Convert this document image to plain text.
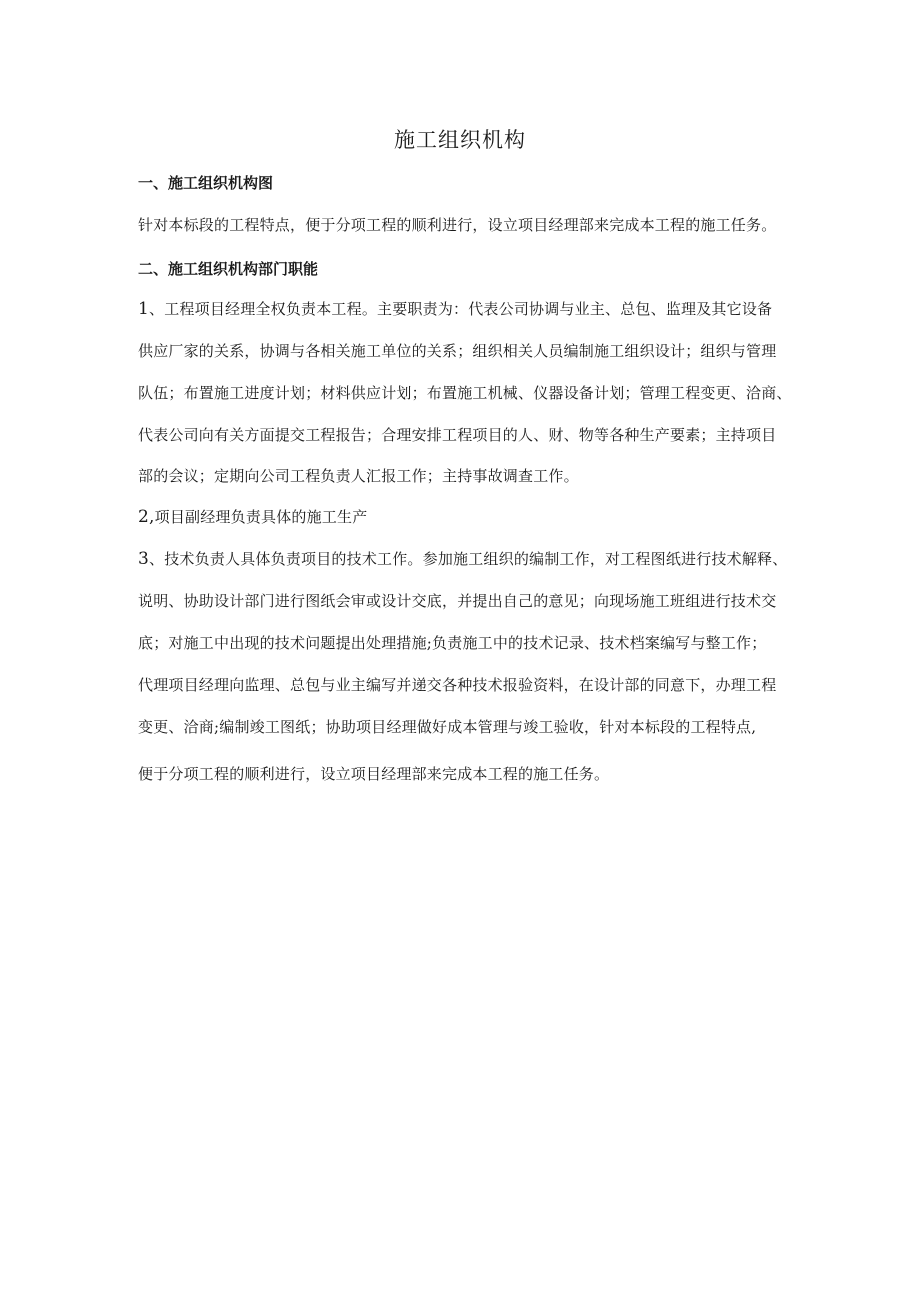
施工组织机构
一、施工组织机构图
针对本标段的工程特点，便于分项工程的顺利进行，设立项目经理部来完成本工程的施工任务。
二、施工组织机构部门职能
1、工程项目经理全权负责本工程。主要职责为：代表公司协调与业主、总包、监理及其它设备
供应厂家的关系，协调与各相关施工单位的关系；组织相关人员编制施工组织设计；组织与管理
队伍；布置施工进度计划；材料供应计划；布置施工机械、仪器设备计划；管理工程变更、洽商、
代表公司向有关方面提交工程报告；合理安排工程项目的人、财、物等各种生产要素；主持项目
部的会议；定期向公司工程负责人汇报工作；主持事故调查工作。
2,项目副经理负责具体的施工生产
3、技术负责人具体负责项目的技术工作。参加施工组织的编制工作，对工程图纸进行技术解释、
说明、协助设计部门进行图纸会审或设计交底，并提出自己的意见；向现场施工班组进行技术交
底；对施工中出现的技术问题提出处理措施;负责施工中的技术记录、技术档案编写与整工作；
代理项目经理向监理、总包与业主编写并递交各种技术报验资料，在设计部的同意下，办理工程
变更、洽商;编制竣工图纸；协助项目经理做好成本管理与竣工验收，针对本标段的工程特点,
便于分项工程的顺利进行，设立项目经理部来完成本工程的施工任务。
